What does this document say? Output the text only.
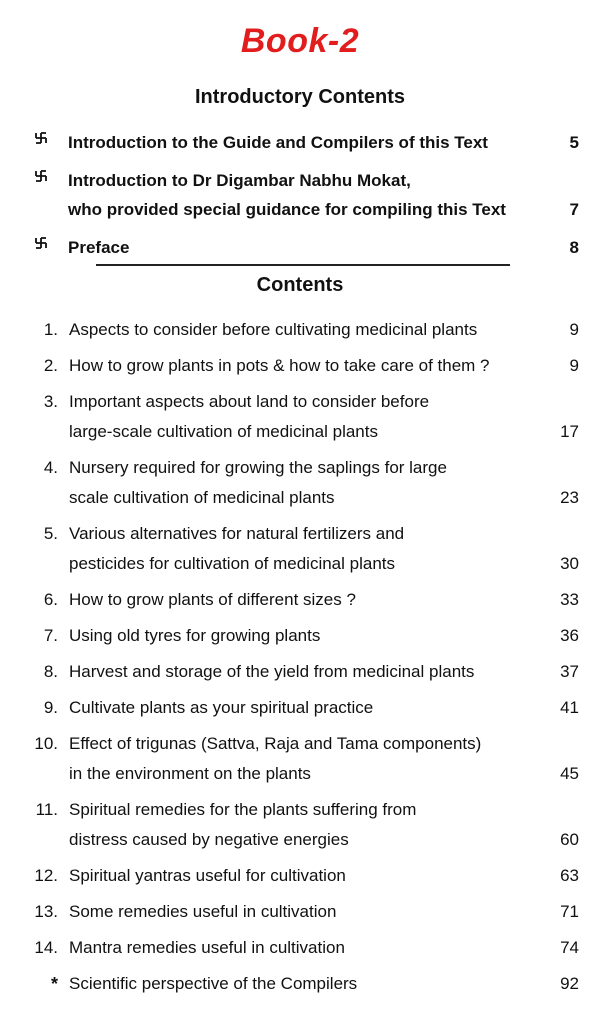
Book-2
Introductory Contents
Introduction to the Guide and Compilers of this Text	5
Introduction to Dr Digambar Nabhu Mokat,
who provided special guidance for compiling this Text	7
Preface	8
Contents
1. Aspects to consider before cultivating medicinal plants	9
2. How to grow plants in pots & how to take care of them ?	9
3. Important aspects about land to consider before
large-scale cultivation of medicinal plants	17
4. Nursery required for growing the saplings for large
scale cultivation of medicinal plants	23
5. Various alternatives for natural fertilizers and
pesticides for cultivation of medicinal plants	30
6. How to grow plants of different sizes ?	33
7. Using old tyres for growing plants	36
8. Harvest and storage of the yield from medicinal plants	37
9. Cultivate plants as your spiritual practice	41
10. Effect of trigunas (Sattva, Raja and Tama components)
in the environment on the plants	45
11. Spiritual remedies for the plants suffering from
distress caused by negative energies	60
12. Spiritual yantras useful for cultivation	63
13. Some remedies useful in cultivation	71
14. Mantra remedies useful in cultivation	74
* Scientific perspective of the Compilers	92
